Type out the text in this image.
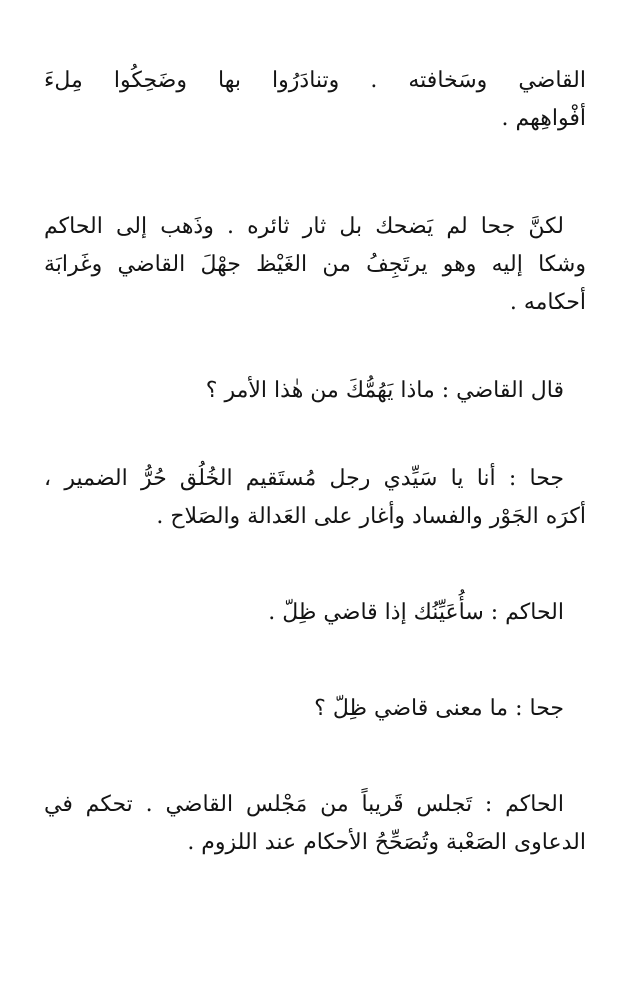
القاضي وسَخافته . وتنادَرُوا بها وضَحِكُوا مِلءَ
أفْواهِهم .
لكنَّ جحا لم يَضحك بل ثار ثائره . وذَهب إلى الحاكم
وشكا إليه وهو يرتَجِفُ من الغَيْظ جهْلَ القاضي وغَرابَة
أحكامه .
قال القاضي : ماذا يَهُمُّكَ من هٰذا الأمر ؟
جحا : أنا يا سَيِّدي رجل مُستَقيم الخُلُق حُرُّ الضمير ،
أكرَه الجَوْر والفساد وأغار على العَدالة والصَلاح .
الحاكم : سأُعَيِّنُك إذا قاضي ظِلّ .
جحا : ما معنى قاضي ظِلّ ؟
الحاكم : تَجلس قَريباً من مَجْلس القاضي . تحكم في
الدعاوى الصَعْبة وتُصَحِّحُ الأحكام عند اللزوم .
